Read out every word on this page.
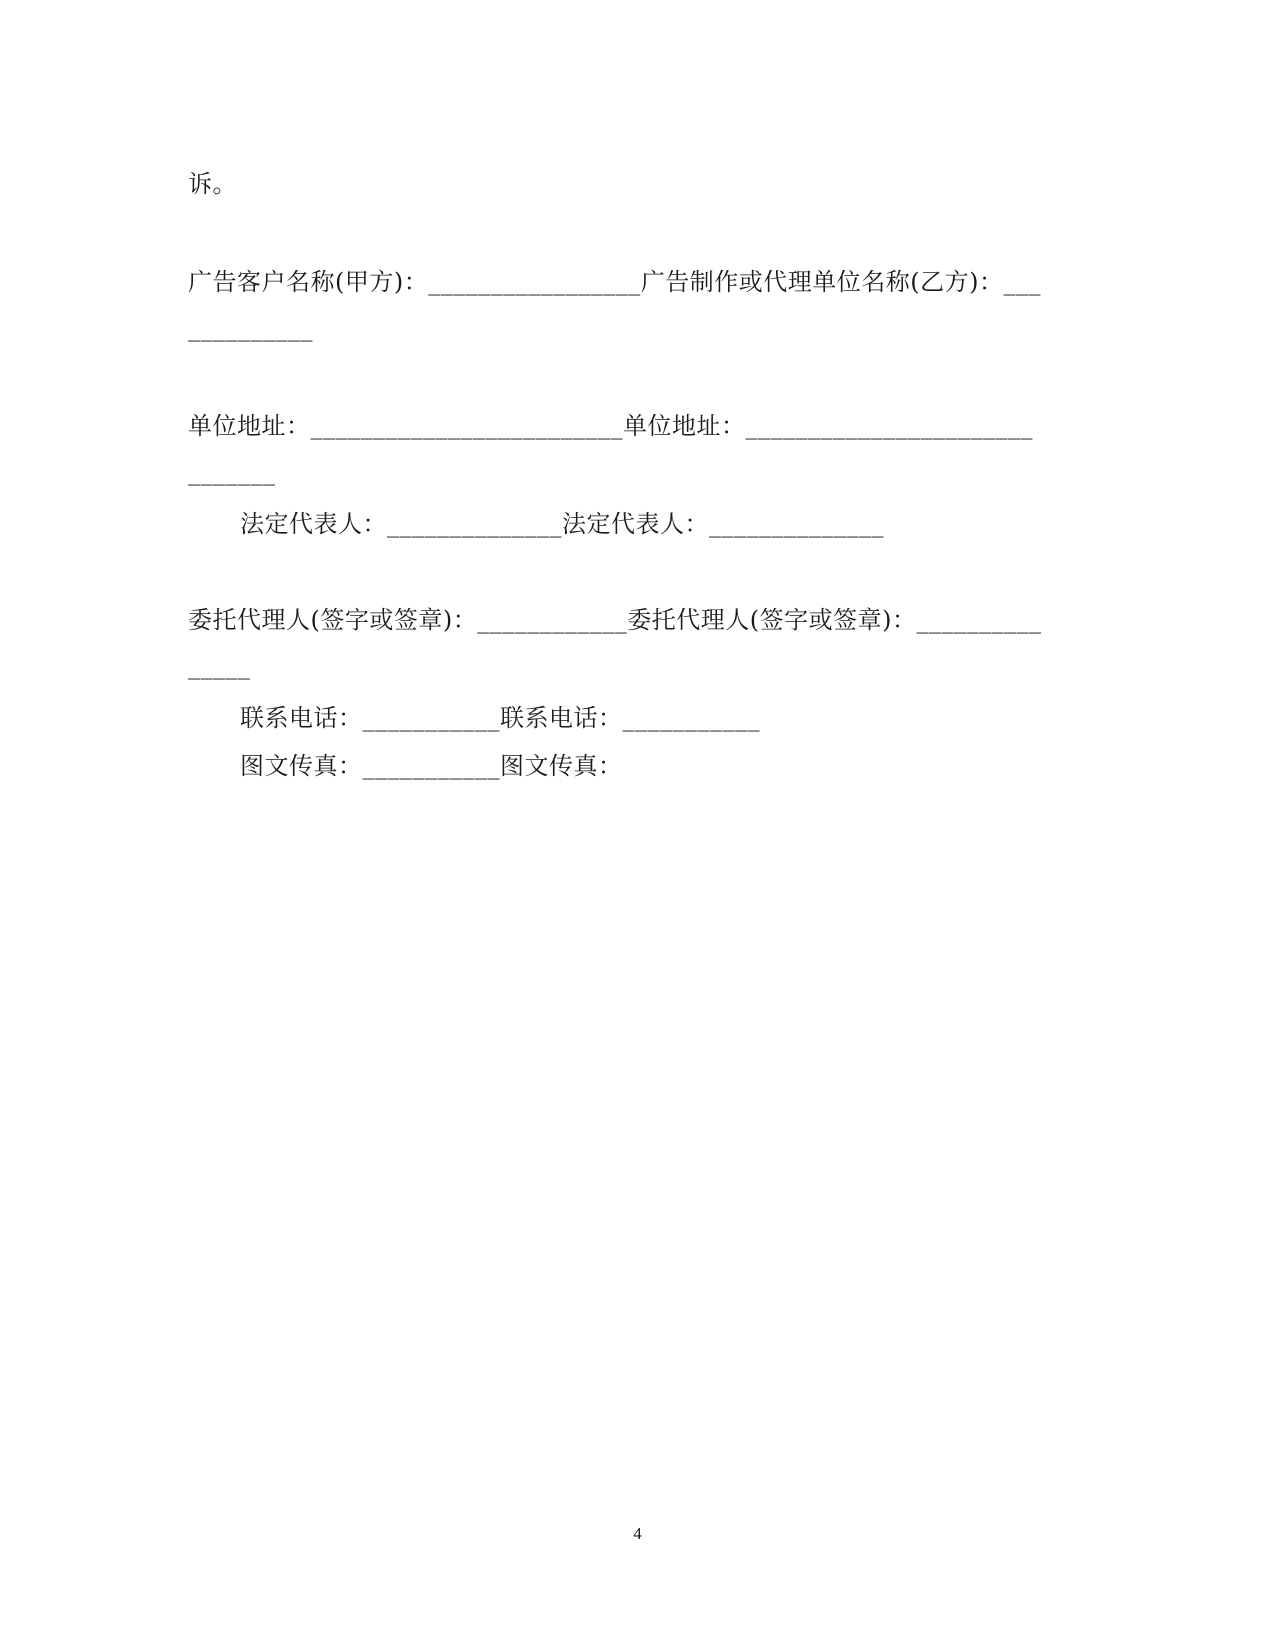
诉。
广告客户名称(甲方)：_________________广告制作或代理单位名称(乙方)：___
__________
单位地址：_________________________单位地址：_______________________
_______
法定代表人：______________法定代表人：______________
委托代理人(签字或签章)：____________委托代理人(签字或签章)：__________
_____
联系电话：___________联系电话：___________
图文传真：___________图文传真：
4
